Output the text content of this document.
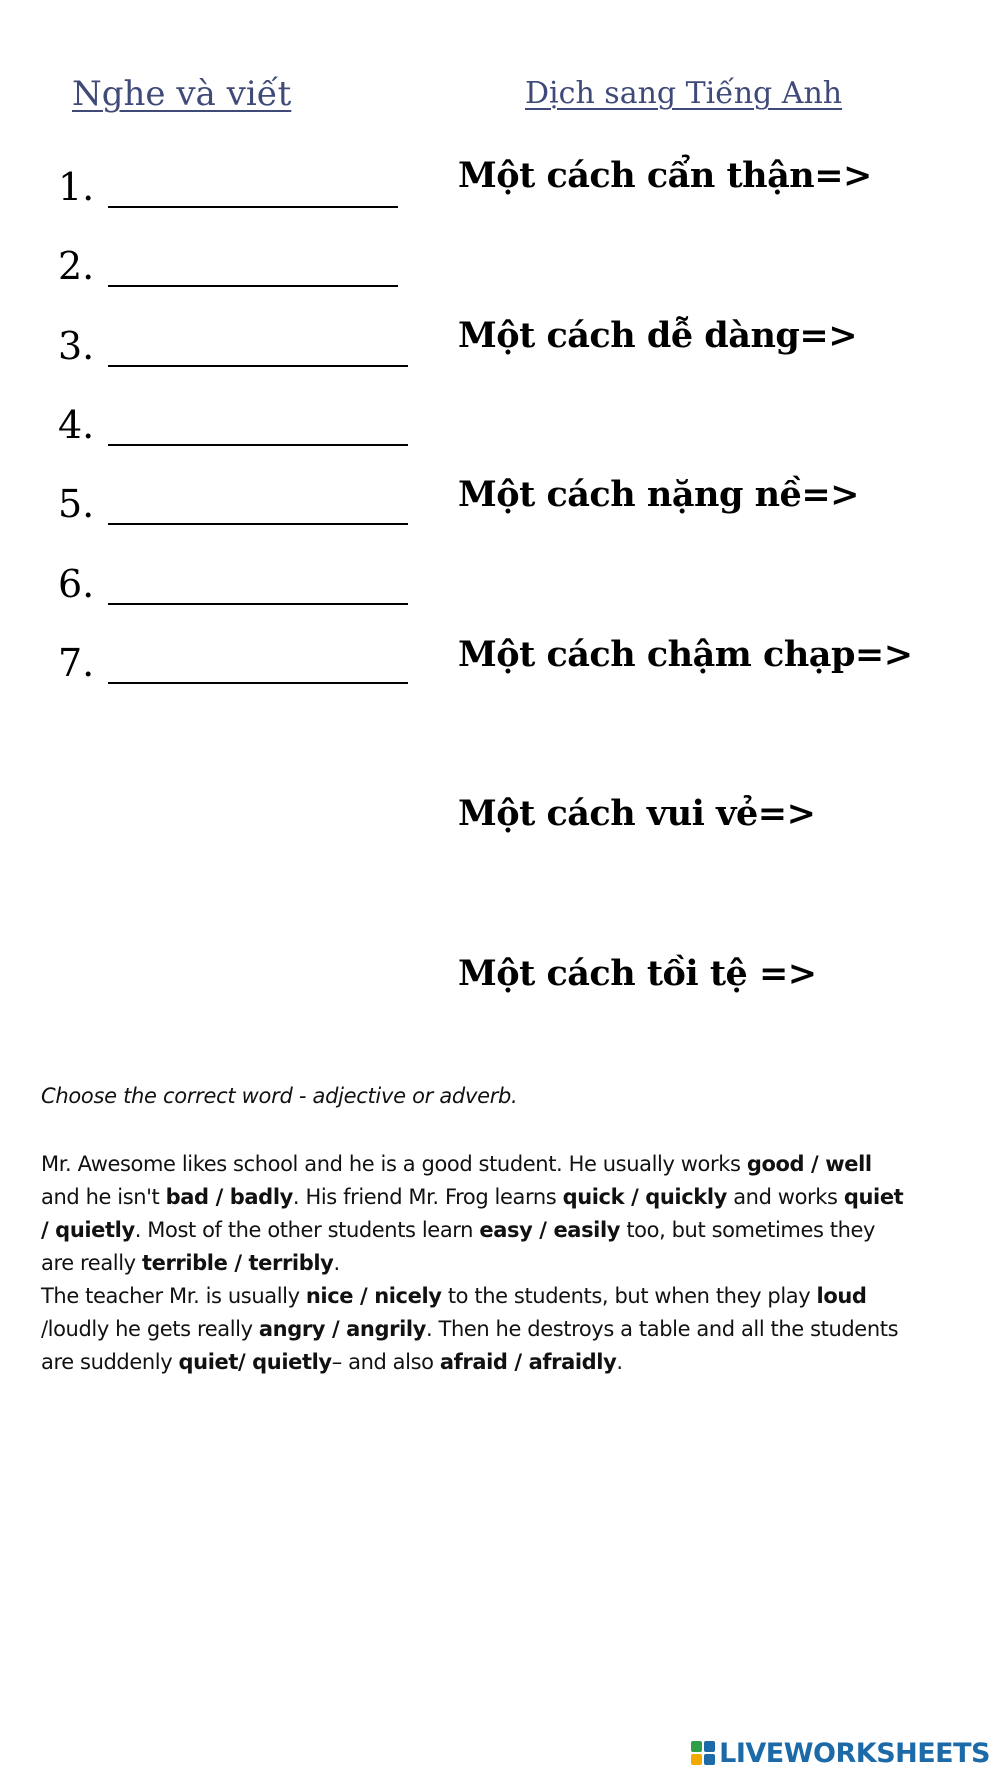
Nghe và viết	Dịch sang Tiếng Anh
1.
2.
3.
4.
5.
6.
7.
Một cách cẩn thận=>
Một cách dễ dàng=>
Một cách nặng nề=>
Một cách chậm chạp=>
Một cách vui vẻ=>
Một cách tồi tệ =>
Choose the correct word - adjective or adverb.
Mr. Awesome likes school and he is a good student. He usually works good / well
and he isn't bad / badly. His friend Mr. Frog learns quick / quickly and works quiet
/ quietly. Most of the other students learn easy / easily too, but sometimes they
are really terrible / terribly.
The teacher Mr. is usually nice / nicely to the students, but when they play loud
/loudly he gets really angry / angrily. Then he destroys a table and all the students
are suddenly quiet/ quietly– and also afraid / afraidly.
LIVEWORKSHEETS
